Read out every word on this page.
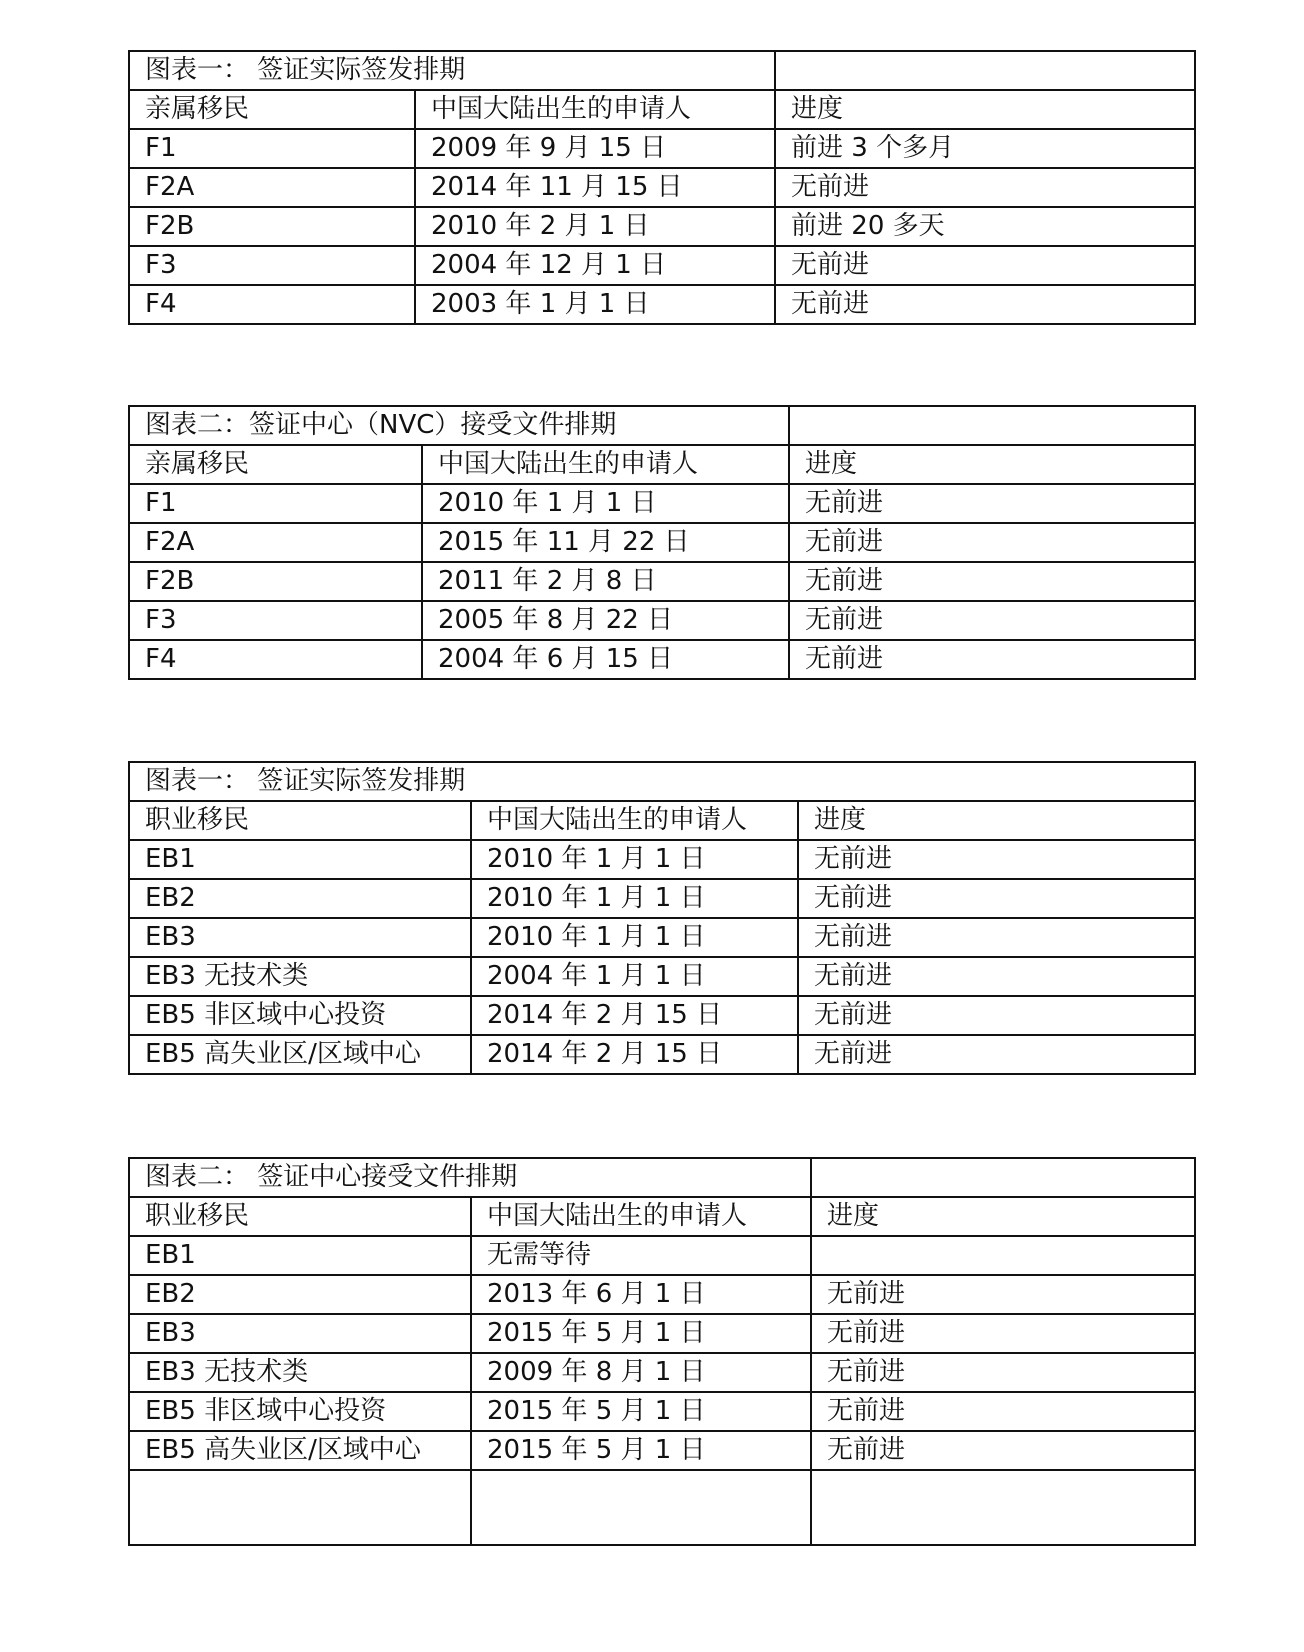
图表一： 签证实际签发排期		
亲属移民	中国大陆出生的申请人	进度
F1	2009 年 9 月 15 日	前进 3 个多月
F2A	2014 年 11 月 15 日	无前进
F2B	2010 年 2 月 1 日	前进 20 多天
F3	2004 年 12 月 1 日	无前进
F4	2003 年 1 月 1 日	无前进
图表二：签证中心（NVC）接受文件排期		
亲属移民	中国大陆出生的申请人	进度
F1	2010 年 1 月 1 日	无前进
F2A	2015 年 11 月 22 日	无前进
F2B	2011 年 2 月 8 日	无前进
F3	2005 年 8 月 22 日	无前进
F4	2004 年 6 月 15 日	无前进
图表一： 签证实际签发排期		
职业移民	中国大陆出生的申请人	进度
EB1	2010 年 1 月 1 日	无前进
EB2	2010 年 1 月 1 日	无前进
EB3	2010 年 1 月 1 日	无前进
EB3 无技术类	2004 年 1 月 1 日	无前进
EB5 非区域中心投资	2014 年 2 月 15 日	无前进
EB5 高失业区/区域中心	2014 年 2 月 15 日	无前进
图表二： 签证中心接受文件排期		
职业移民	中国大陆出生的申请人	进度
EB1	无需等待	
EB2	2013 年 6 月 1 日	无前进
EB3	2015 年 5 月 1 日	无前进
EB3 无技术类	2009 年 8 月 1 日	无前进
EB5 非区域中心投资	2015 年 5 月 1 日	无前进
EB5 高失业区/区域中心	2015 年 5 月 1 日	无前进
